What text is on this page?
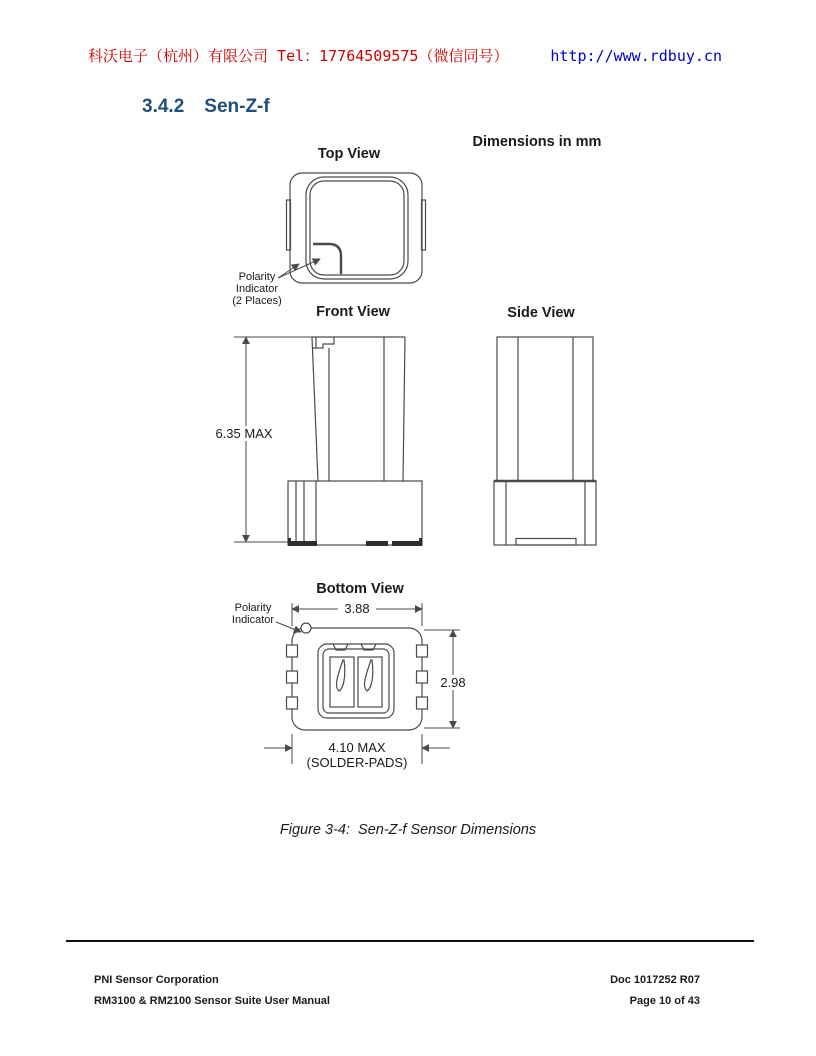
科沃电子（杭州）有限公司 Tel：17764509575（微信同号）	http://www.rdbuy.cn
3.4.2 Sen-Z-f
Dimensions in mm
Top View
Polarity
Indicator
(2 Places)
Front View	Side View
6.35 MAX
Bottom View
3.88
2.98
4.10 MAX
(SOLDER-PADS)
Polarity
Indicator
Figure 3-4:  Sen-Z-f Sensor Dimensions
PNI Sensor Corporation	Doc 1017252 R07
RM3100 & RM2100 Sensor Suite User Manual	Page 10 of 43
